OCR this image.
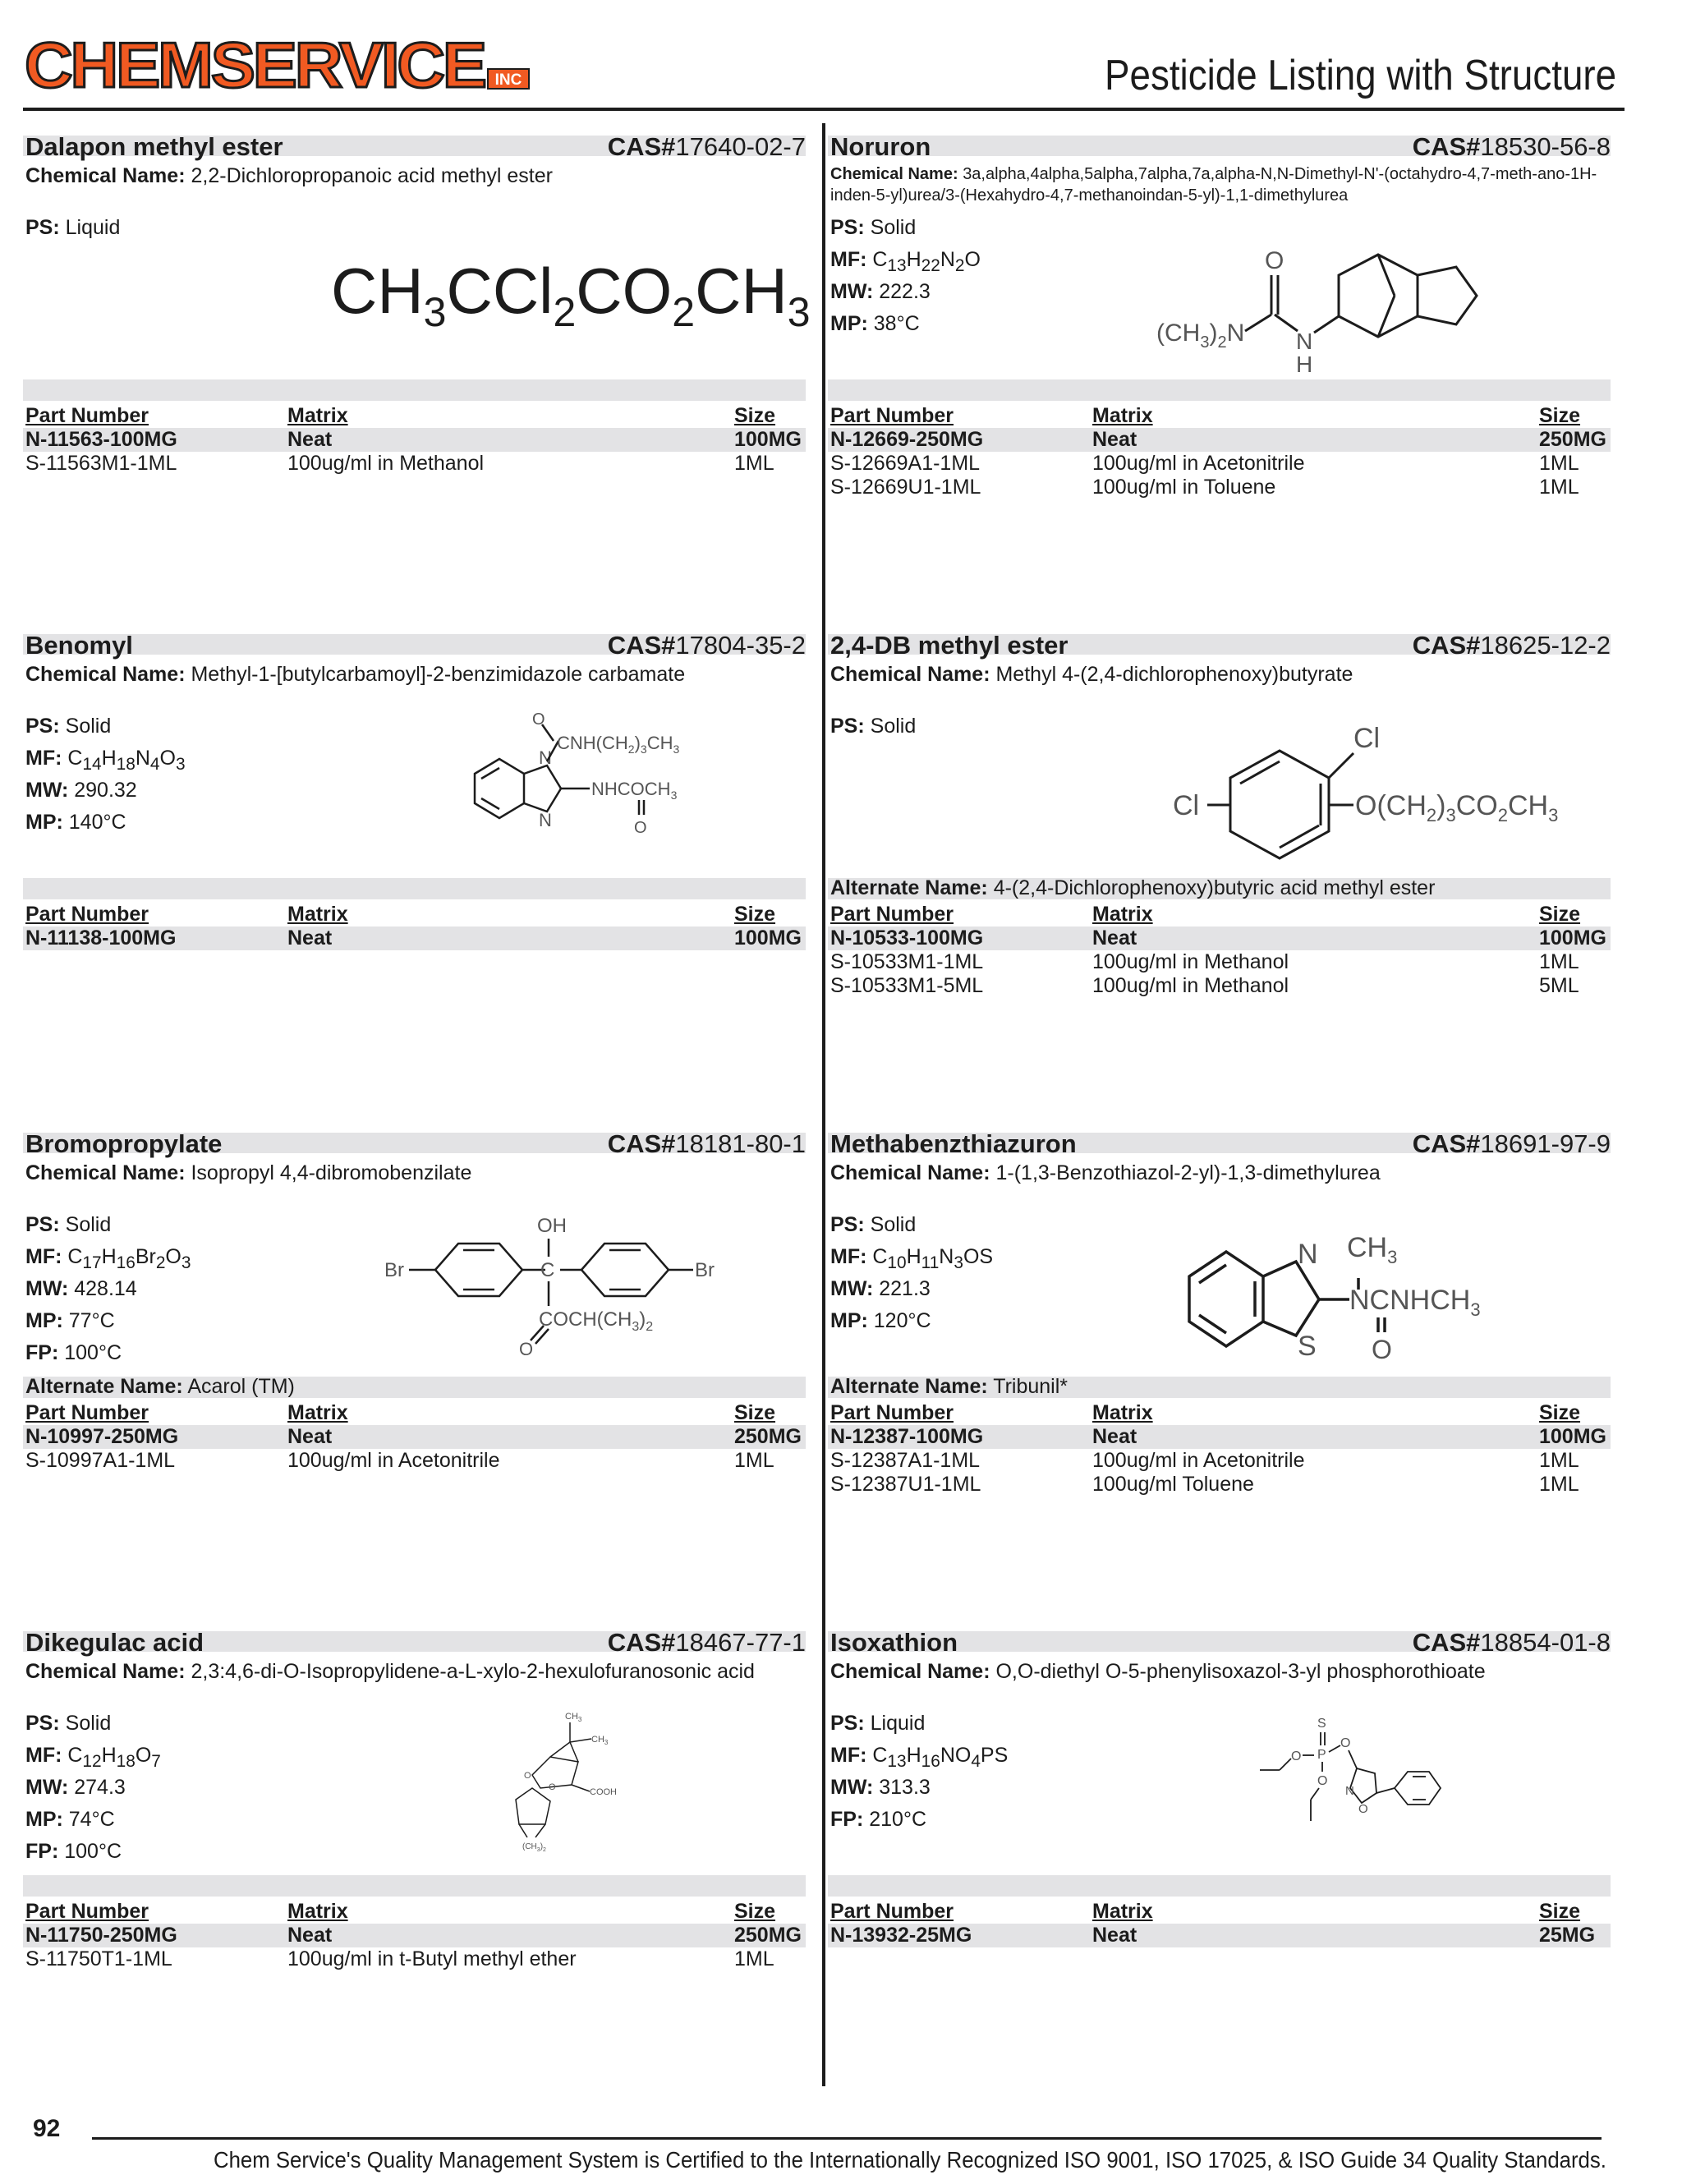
CHEMSERVICE INC	Pesticide Listing with Structure
Dalapon methyl ester	CAS#17640-02-7
Chemical Name: 2,2-Dichloropropanoic acid methyl ester
PS: Liquid
$CH_3CCl_2CO_2CH_3$
Part Number	Matrix	Size
N-11563-100MG	Neat	100MG
S-11563M1-1ML	100ug/ml in Methanol	1ML
Noruron	CAS#18530-56-8
Chemical Name: 3a,alpha,4alpha,5alpha,7alpha,7a,alpha-N,N-Dimethyl-N'-(octahydro-4,7-meth-ano-1H-inden-5-yl)urea/3-(Hexahydro-4,7-methanoindan-5-yl)-1,1-dimethylurea
PS: Solid
MF: $C_{13}H_{22}N_2O$
MW: 222.3
MP: 38°C	$(CH_3)_2N$
O
N
H
Part Number	Matrix	Size
N-12669-250MG	Neat	250MG
S-12669A1-1ML	100ug/ml in Acetonitrile	1ML
S-12669U1-1ML	100ug/ml in Toluene	1ML
Benomyl	CAS#17804-35-2
Chemical Name: Methyl-1-[butylcarbamoyl]-2-benzimidazole carbamate
PS: Solid
MF: $C_{14}H_{18}N_4O_3$
MW: 290.32
MP: 140°C
N
N
O
$CNH(CH_2)_3CH_3$
$NHCOCH_3$
O
Part Number	Matrix	Size
N-11138-100MG	Neat	100MG
2,4-DB methyl ester	CAS#18625-12-2
Chemical Name: Methyl 4-(2,4-dichlorophenoxy)butyrate
PS: Solid	Cl
Cl	$O(CH_2)_3CO_2CH_3$
Alternate Name: 4-(2,4-Dichlorophenoxy)butyric acid methyl ester
Part Number	Matrix	Size
N-10533-100MG	Neat	100MG
S-10533M1-1ML	100ug/ml in Methanol	1ML
S-10533M1-5ML	100ug/ml in Methanol	5ML
Bromopropylate	CAS#18181-80-1
Chemical Name: Isopropyl 4,4-dibromobenzilate
PS: Solid
MF: $C_{17}H_{16}Br_2O_3$
MW: 428.14
MP: 77°C
FP: 100°C
Br	C
OH
Br
$COCH(CH_3)_2$
O
Alternate Name: Acarol (TM)
Part Number	Matrix	Size
N-10997-250MG	Neat	250MG
S-10997A1-1ML	100ug/ml in Acetonitrile	1ML
Methabenzthiazuron	CAS#18691-97-9
Chemical Name: 1-(1,3-Benzothiazol-2-yl)-1,3-dimethylurea
PS: Solid
MF: $C_{10}H_{11}N_3OS$
MW: 221.3
MP: 120°C
N
S
$NCNHCH_3$
$CH_3$
O
Alternate Name: Tribunil*
Part Number	Matrix	Size
N-12387-100MG	Neat	100MG
S-12387A1-1ML	100ug/ml in Acetonitrile	1ML
S-12387U1-1ML	100ug/ml Toluene	1ML
Dikegulac acid	CAS#18467-77-1
Chemical Name: 2,3:4,6-di-O-Isopropylidene-a-L-xylo-2-hexulofuranosonic acid
PS: Solid
MF: $C_{12}H_{18}O_7$
MW: 274.3
MP: 74°C
FP: 100°C
$CH_3$
$CH_3$
O
O	COOH
$(CH_3)_2$
Part Number	Matrix	Size
N-11750-250MG	Neat	250MG
S-11750T1-1ML	100ug/ml in t-Butyl methyl ether	1ML
Isoxathion	CAS#18854-01-8
Chemical Name: O,O-diethyl O-5-phenylisoxazol-3-yl phosphorothioate
PS: Liquid
MF: $C_{13}H_{16}NO_4PS$
MW: 313.3
FP: 210°C
S
P
O
O
O
N
O
Part Number	Matrix	Size
N-13932-25MG	Neat	25MG
92
Chem Service's Quality Management System is Certified to the Internationally Recognized ISO 9001, ISO 17025, & ISO Guide 34 Quality Standards.
